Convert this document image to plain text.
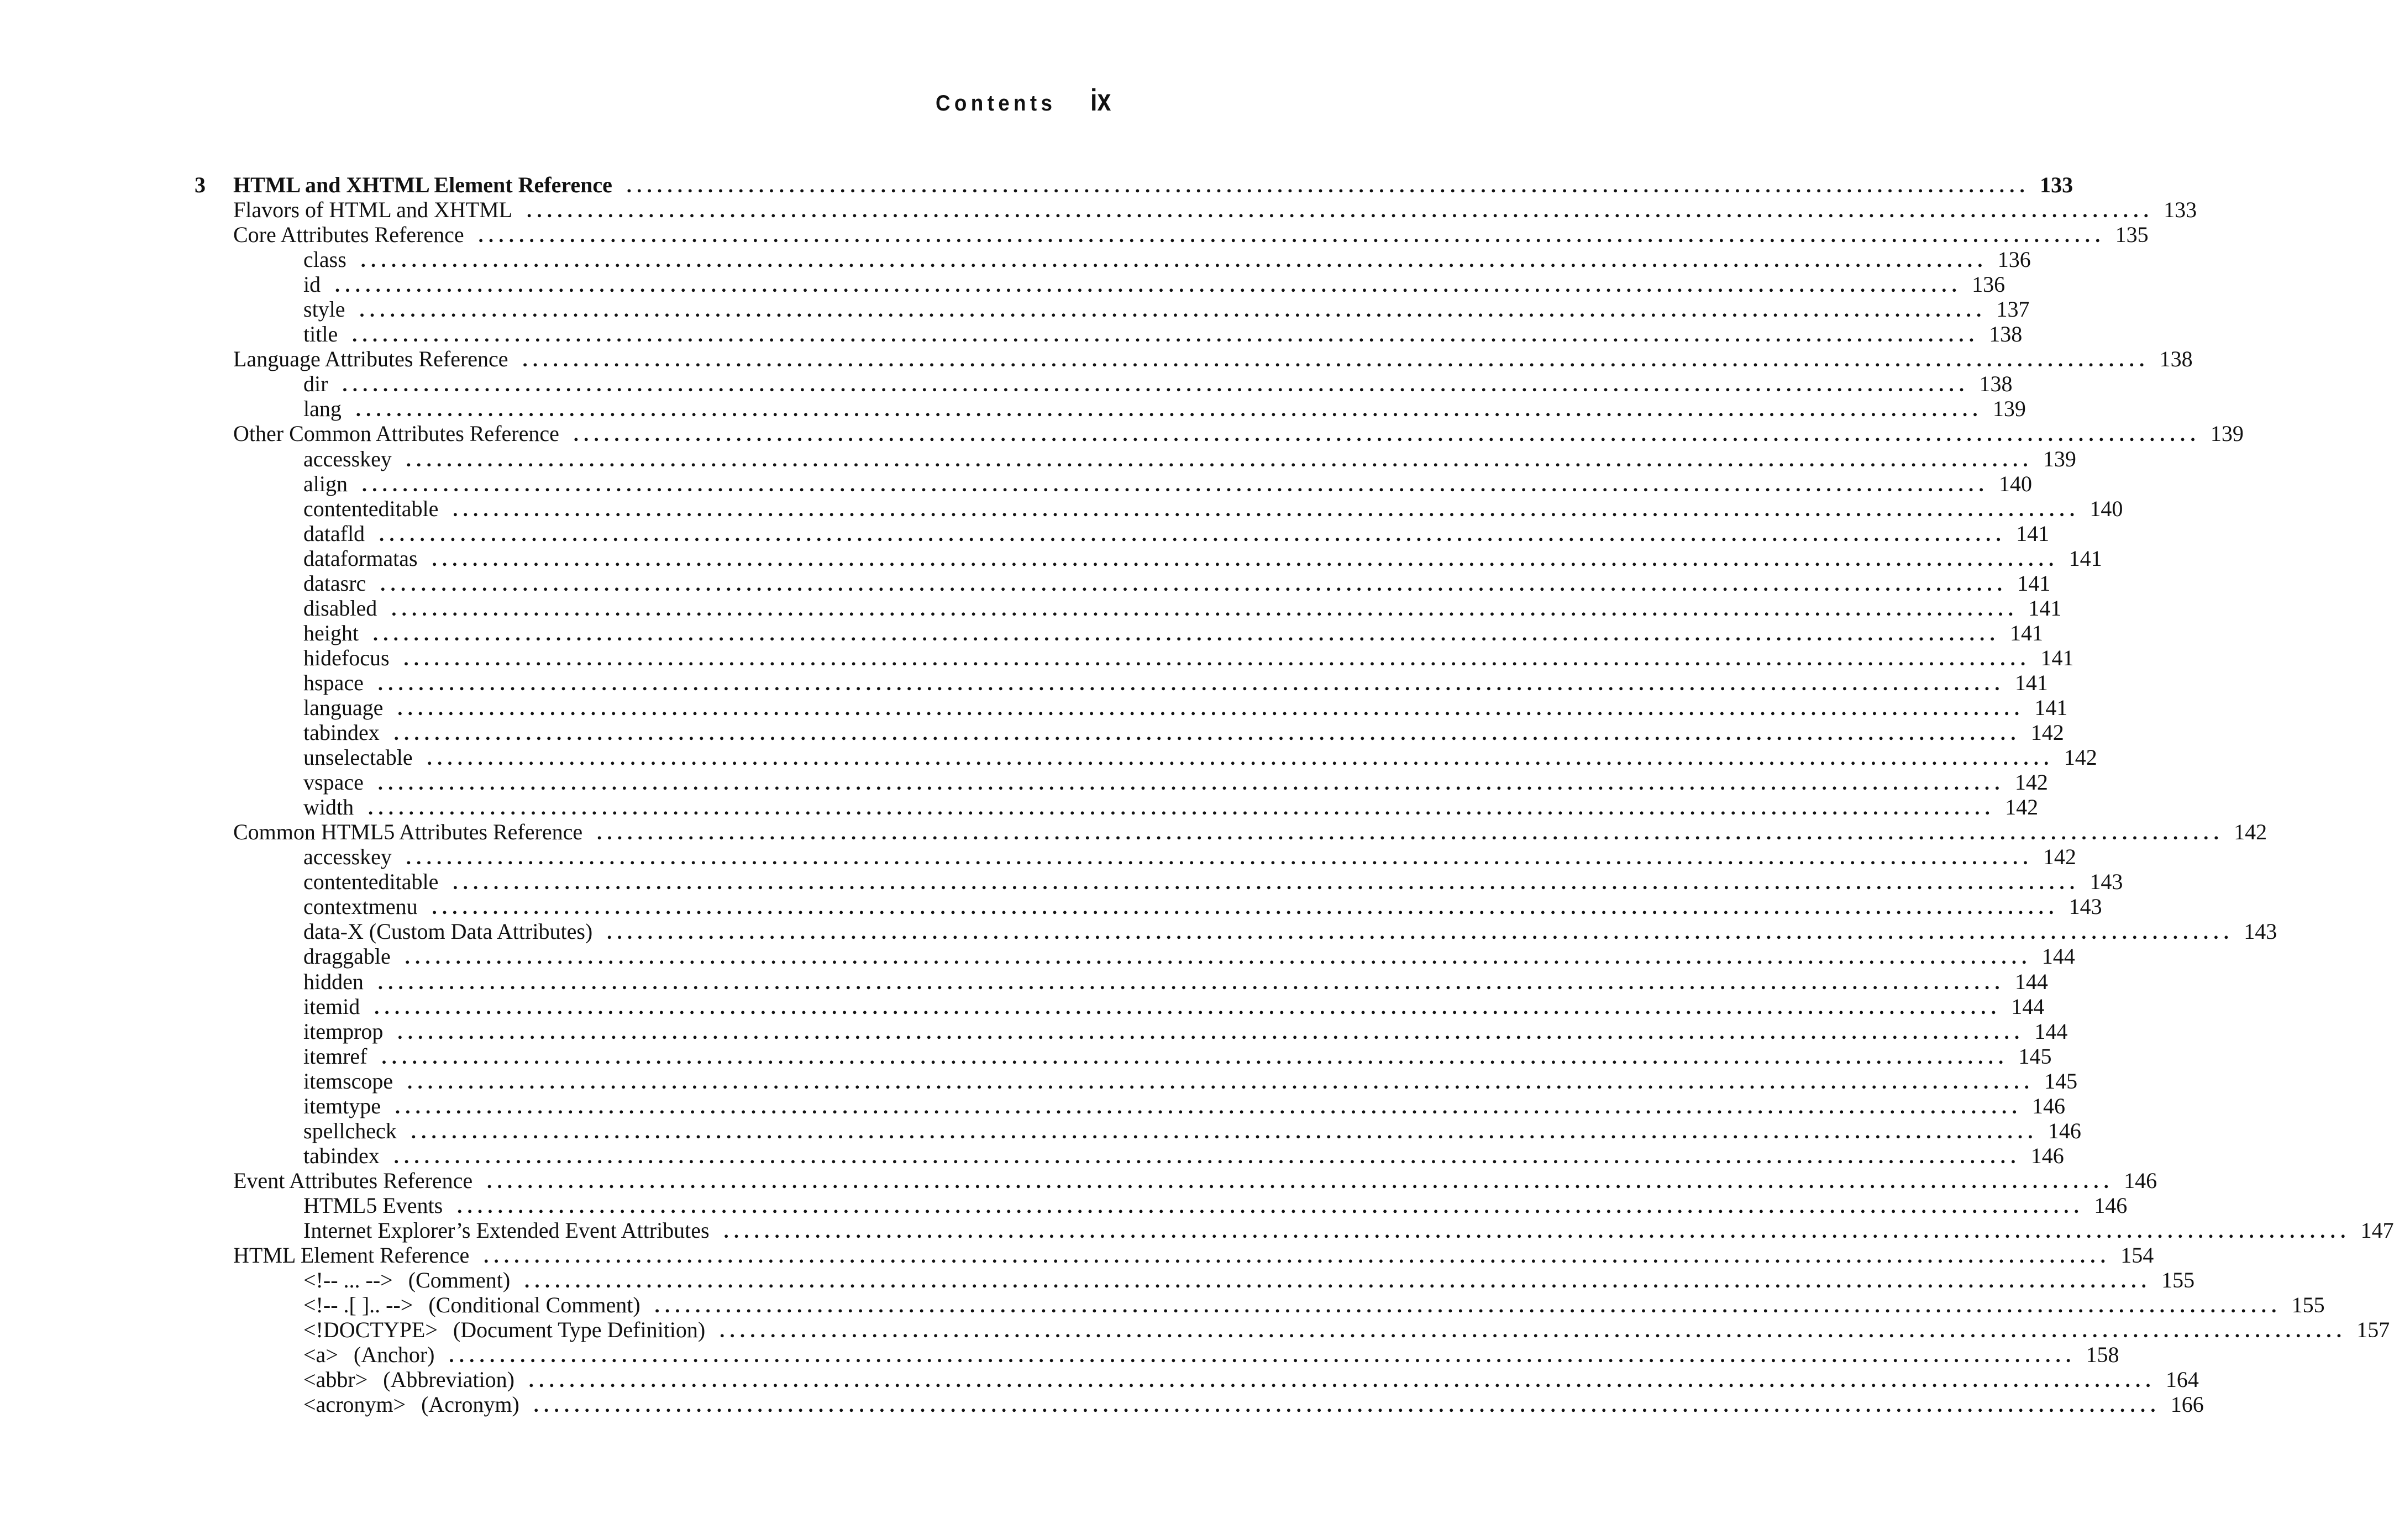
Contents ix
3	HTML and XHTML Element Reference .......................................................................................................................................... 133
Flavors of HTML and XHTML ................................................................................................................................................................ 133
Core Attributes Reference ................................................................................................................................................................ 135
class ................................................................................................................................................................ 136
id ................................................................................................................................................................ 136
style ................................................................................................................................................................ 137
title ................................................................................................................................................................ 138
Language Attributes Reference ................................................................................................................................................................ 138
dir ................................................................................................................................................................ 138
lang ................................................................................................................................................................ 139
Other Common Attributes Reference ................................................................................................................................................................ 139
accesskey ................................................................................................................................................................ 139
align ................................................................................................................................................................ 140
contenteditable ................................................................................................................................................................ 140
datafld ................................................................................................................................................................ 141
dataformatas ................................................................................................................................................................ 141
datasrc ................................................................................................................................................................ 141
disabled ................................................................................................................................................................ 141
height ................................................................................................................................................................ 141
hidefocus ................................................................................................................................................................ 141
hspace ................................................................................................................................................................ 141
language ................................................................................................................................................................ 141
tabindex ................................................................................................................................................................ 142
unselectable ................................................................................................................................................................ 142
vspace ................................................................................................................................................................ 142
width ................................................................................................................................................................ 142
Common HTML5 Attributes Reference ................................................................................................................................................................ 142
accesskey ................................................................................................................................................................ 142
contenteditable ................................................................................................................................................................ 143
contextmenu ................................................................................................................................................................ 143
data-X (Custom Data Attributes) ................................................................................................................................................................ 143
draggable ................................................................................................................................................................ 144
hidden ................................................................................................................................................................ 144
itemid ................................................................................................................................................................ 144
itemprop ................................................................................................................................................................ 144
itemref ................................................................................................................................................................ 145
itemscope ................................................................................................................................................................ 145
itemtype ................................................................................................................................................................ 146
spellcheck ................................................................................................................................................................ 146
tabindex ................................................................................................................................................................ 146
Event Attributes Reference ................................................................................................................................................................ 146
HTML5 Events ................................................................................................................................................................ 146
Internet Explorer’s Extended Event Attributes ................................................................................................................................................................ 147
HTML Element Reference ................................................................................................................................................................ 154
<!-- ... --> (Comment) ................................................................................................................................................................ 155
<!-- .[ ].. --> (Conditional Comment) ................................................................................................................................................................ 155
<!DOCTYPE> (Document Type Definition) ................................................................................................................................................................ 157
<a> (Anchor) ................................................................................................................................................................ 158
<abbr> (Abbreviation) ................................................................................................................................................................ 164
<acronym> (Acronym) ................................................................................................................................................................ 166
